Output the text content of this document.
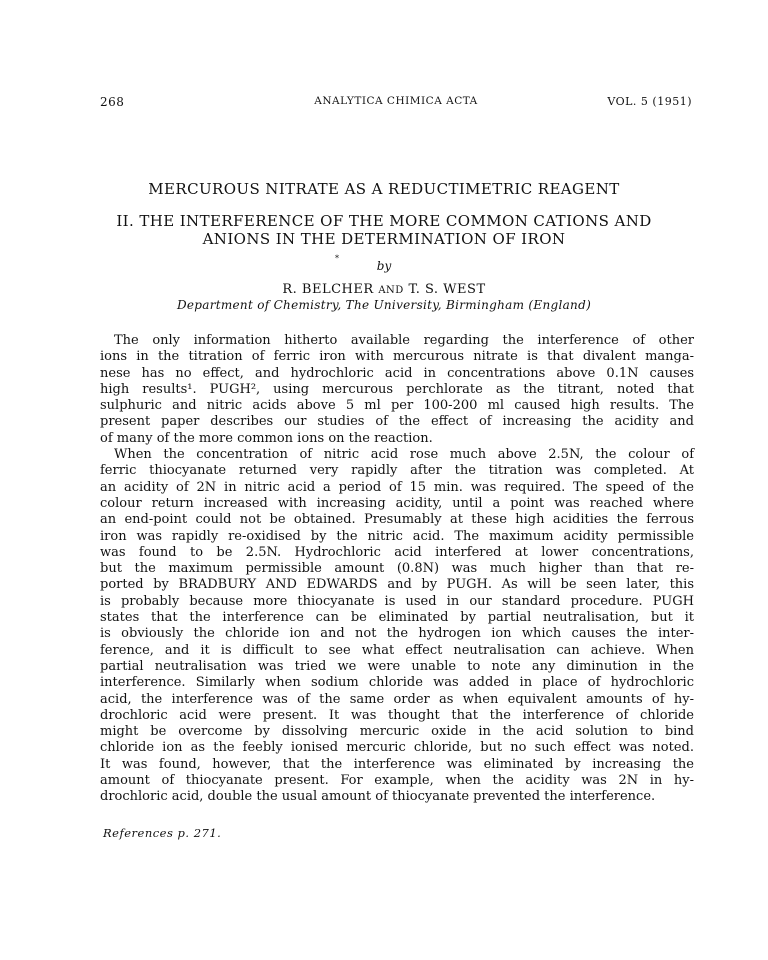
268	ANALYTICA CHIMICA ACTA	VOL. 5 (1951)
MERCUROUS NITRATE AS A REDUCTIMETRIC REAGENT
II. THE INTERFERENCE OF THE MORE COMMON CATIONS AND
ANIONS IN THE DETERMINATION OF IRON
*
by
R. BELCHER AND T. S. WEST
Department of Chemistry, The University, Birmingham (England)
The only information hitherto available regarding the interference of other
ions in the titration of ferric iron with mercurous nitrate is that divalent manga-
nese has no effect, and hydrochloric acid in concentrations above 0.1N causes
high results¹. PUGH², using mercurous perchlorate as the titrant, noted that
sulphuric and nitric acids above 5 ml per 100-200 ml caused high results. The
present paper describes our studies of the effect of increasing the acidity and
of many of the more common ions on the reaction.
When the concentration of nitric acid rose much above 2.5N, the colour of
ferric thiocyanate returned very rapidly after the titration was completed. At
an acidity of 2N in nitric acid a period of 15 min. was required. The speed of the
colour return increased with increasing acidity, until a point was reached where
an end-point could not be obtained. Presumably at these high acidities the ferrous
iron was rapidly re-oxidised by the nitric acid. The maximum acidity permissible
was found to be 2.5N. Hydrochloric acid interfered at lower concentrations,
but the maximum permissible amount (0.8N) was much higher than that re-
ported by BRADBURY AND EDWARDS and by PUGH. As will be seen later, this
is probably because more thiocyanate is used in our standard procedure. PUGH
states that the interference can be eliminated by partial neutralisation, but it
is obviously the chloride ion and not the hydrogen ion which causes the inter-
ference, and it is difficult to see what effect neutralisation can achieve. When
partial neutralisation was tried we were unable to note any diminution in the
interference. Similarly when sodium chloride was added in place of hydrochloric
acid, the interference was of the same order as when equivalent amounts of hy-
drochloric acid were present. It was thought that the interference of chloride
might be overcome by dissolving mercuric oxide in the acid solution to bind
chloride ion as the feebly ionised mercuric chloride, but no such effect was noted.
It was found, however, that the interference was eliminated by increasing the
amount of thiocyanate present. For example, when the acidity was 2N in hy-
drochloric acid, double the usual amount of thiocyanate prevented the interference.
References p. 271.
